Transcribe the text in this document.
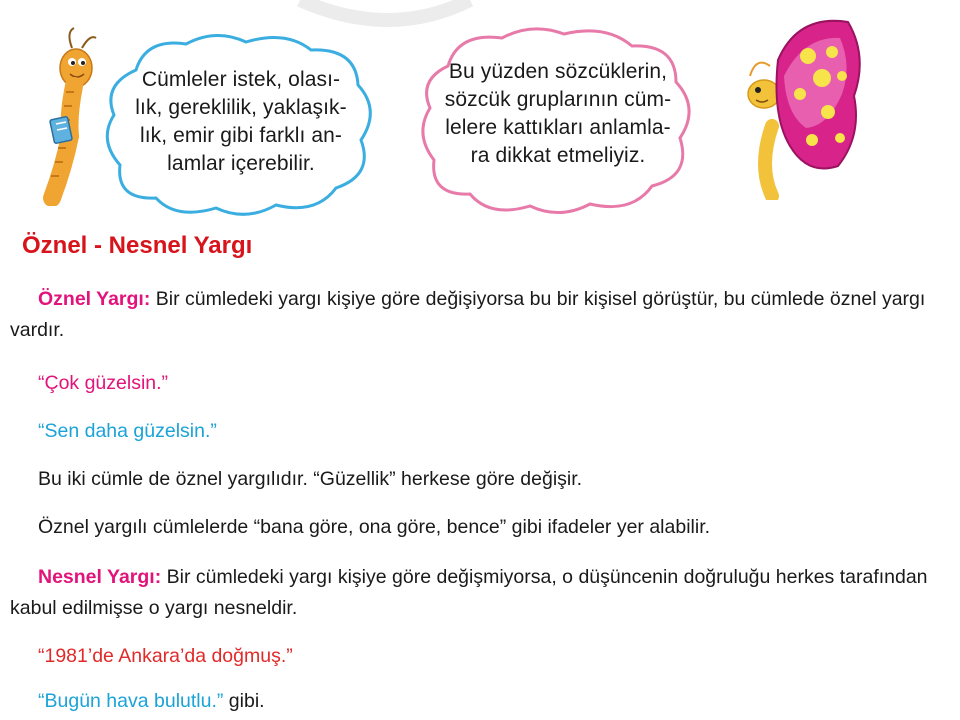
Cümleler istek, olası-
lık, gereklilik, yaklaşık-
lık, emir gibi farklı an-
lamlar içerebilir.
Bu yüzden sözcüklerin,
sözcük gruplarının cüm-
lelere kattıkları anlamla-
ra dikkat etmeliyiz.
Öznel - Nesnel Yargı

Öznel Yargı: Bir cümledeki yargı kişiye göre değişiyorsa bu bir kişisel görüştür, bu cümlede öznel yargı vardır.

“Çok güzelsin.”

“Sen daha güzelsin.”

Bu iki cümle de öznel yargılıdır. “Güzellik” herkese göre değişir.

Öznel yargılı cümlelerde “bana göre, ona göre, bence” gibi ifadeler yer alabilir.

Nesnel Yargı: Bir cümledeki yargı kişiye göre değişmiyorsa, o düşüncenin doğruluğu herkes tarafından kabul edilmişse o yargı nesneldir.

“1981’de Ankara’da doğmuş.”

“Bugün hava bulutlu.” gibi.
